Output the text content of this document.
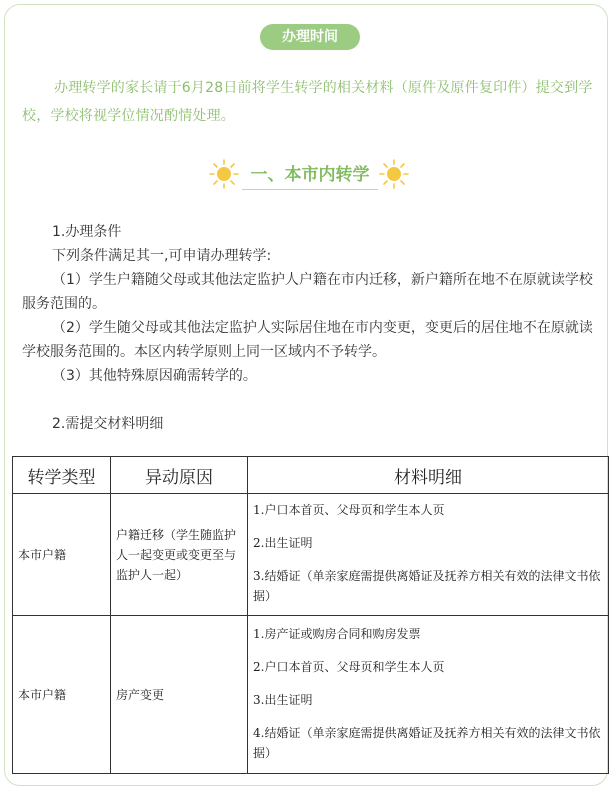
办理时间
办理转学的家长请于6月28日前将学生转学的相关材料（原件及原件复印件）提交到学校，学校将视学位情况酌情处理。
一、本市内转学

1.办理条件

下列条件满足其一,可申请办理转学:

（1）学生户籍随父母或其他法定监护人户籍在市内迁移，新户籍所在地不在原就读学校服务范围的。

（2）学生随父母或其他法定监护人实际居住地在市内变更，变更后的居住地不在原就读学校服务范围的。本区内转学原则上同一区域内不予转学。

（3）其他特殊原因确需转学的。

2.需提交材料明细

转学类型	异动原因	材料明细
本市户籍	户籍迁移（学生随监护人一起变更或变更至与监护人一起）	1.户口本首页、父母页和学生本人页

2.出生证明

3.结婚证（单亲家庭需提供离婚证及抚养方相关有效的法律文书依据）

本市户籍	房产变更	1.房产证或购房合同和购房发票

2.户口本首页、父母页和学生本人页

3.出生证明

4.结婚证（单亲家庭需提供离婚证及抚养方相关有效的法律文书依据）
